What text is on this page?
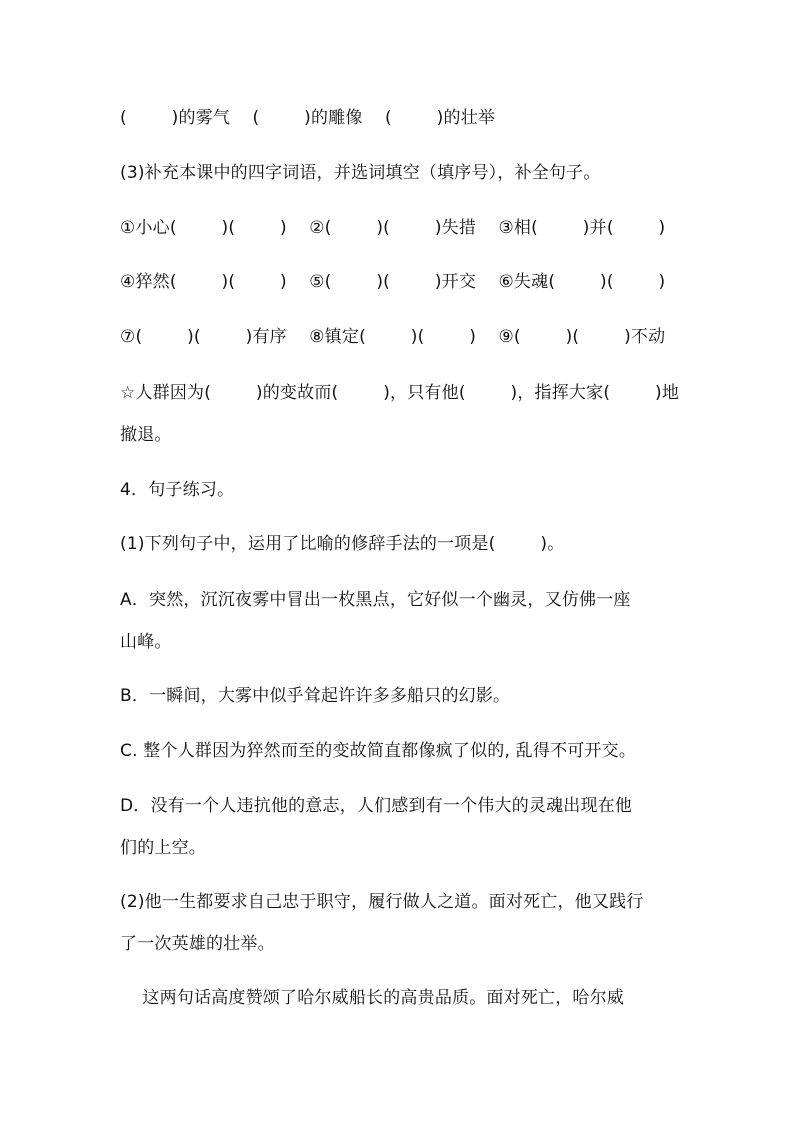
(        )的雾气    (        )的雕像    (        )的壮举
(3)补充本课中的四字词语，并选词填空（填序号），补全句子。
①小心(        )(        )    ②(        )(        )失措    ③相(        )并(        )
④猝然(        )(        )    ⑤(        )(        )开交    ⑥失魂(        )(        )
⑦(        )(        )有序    ⑧镇定(        )(        )    ⑨(        )(        )不动
☆人群因为(        )的变故而(        )，只有他(        )，指挥大家(        )地
撤退。
4．句子练习。
(1)下列句子中，运用了比喻的修辞手法的一项是(        )。
A．突然，沉沉夜雾中冒出一枚黑点，它好似一个幽灵，又仿佛一座
山峰。
B．一瞬间，大雾中似乎耸起许许多多船只的幻影。
C. 整个人群因为猝然而至的变故简直都像疯了似的, 乱得不可开交。
D．没有一个人违抗他的意志，人们感到有一个伟大的灵魂出现在他
们的上空。
(2)他一生都要求自己忠于职守，履行做人之道。面对死亡，他又践行
了一次英雄的壮举。
这两句话高度赞颂了哈尔威船长的高贵品质。面对死亡，哈尔威
